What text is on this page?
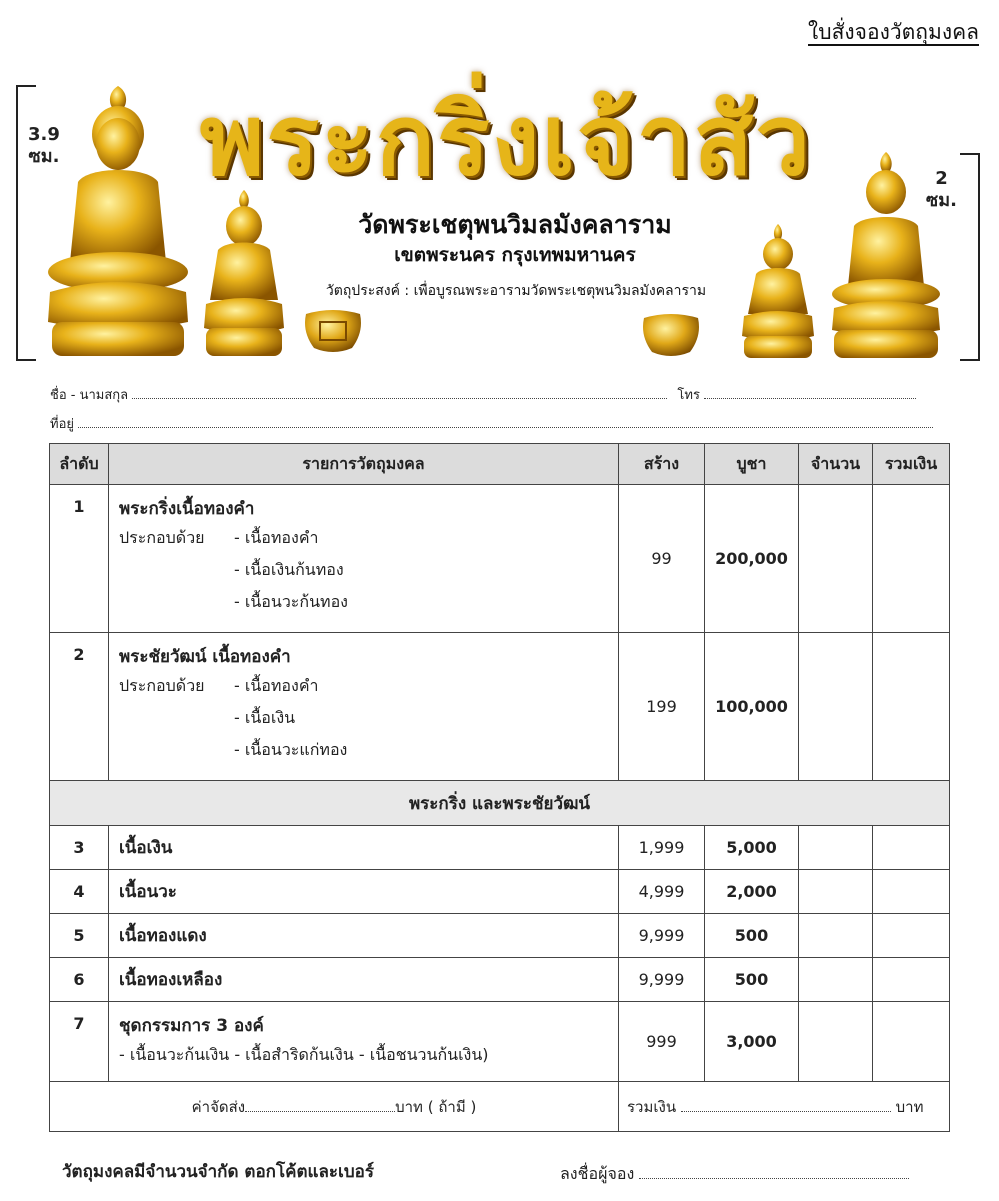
ใบสั่งจองวัตถุมงคล
3.9
ซม.
2
ซม.
พระกริ่งเจ้าสัว
วัดพระเชตุพนวิมลมังคลาราม
เขตพระนคร กรุงเทพมหานคร
วัตถุประสงค์ : เพื่อบูรณพระอารามวัดพระเชตุพนวิมลมังคลาราม
ชื่อ - นามสกุล	โทร
ที่อยู่
ลำดับ	รายการวัตถุมงคล	สร้าง	บูชา	จำนวน	รวมเงิน
1	พระกริ่งเนื้อทองคำ
ประกอบด้วย - เนื้อทองคำ
- เนื้อเงินก้นทอง
- เนื้อนวะก้นทอง	99	200,000		
2	พระชัยวัฒน์ เนื้อทองคำ
ประกอบด้วย - เนื้อทองคำ
- เนื้อเงิน
- เนื้อนวะแก่ทอง	199	100,000		
พระกริ่ง และพระชัยวัฒน์					
3	เนื้อเงิน	1,999	5,000		
4	เนื้อนวะ	4,999	2,000		
5	เนื้อทองแดง	9,999	500		
6	เนื้อทองเหลือง	9,999	500		
7	ชุดกรรมการ 3 องค์
- เนื้อนวะก้นเงิน - เนื้อสำริดก้นเงิน - เนื้อชนวนก้นเงิน)	999	3,000		
ค่าจัดส่ง บาท ( ถ้ามี )		รวมเงิน บาท			
วัตถุมงคลมีจำนวนจำกัด ตอกโค้ตและเบอร์	ลงชื่อผู้จอง
